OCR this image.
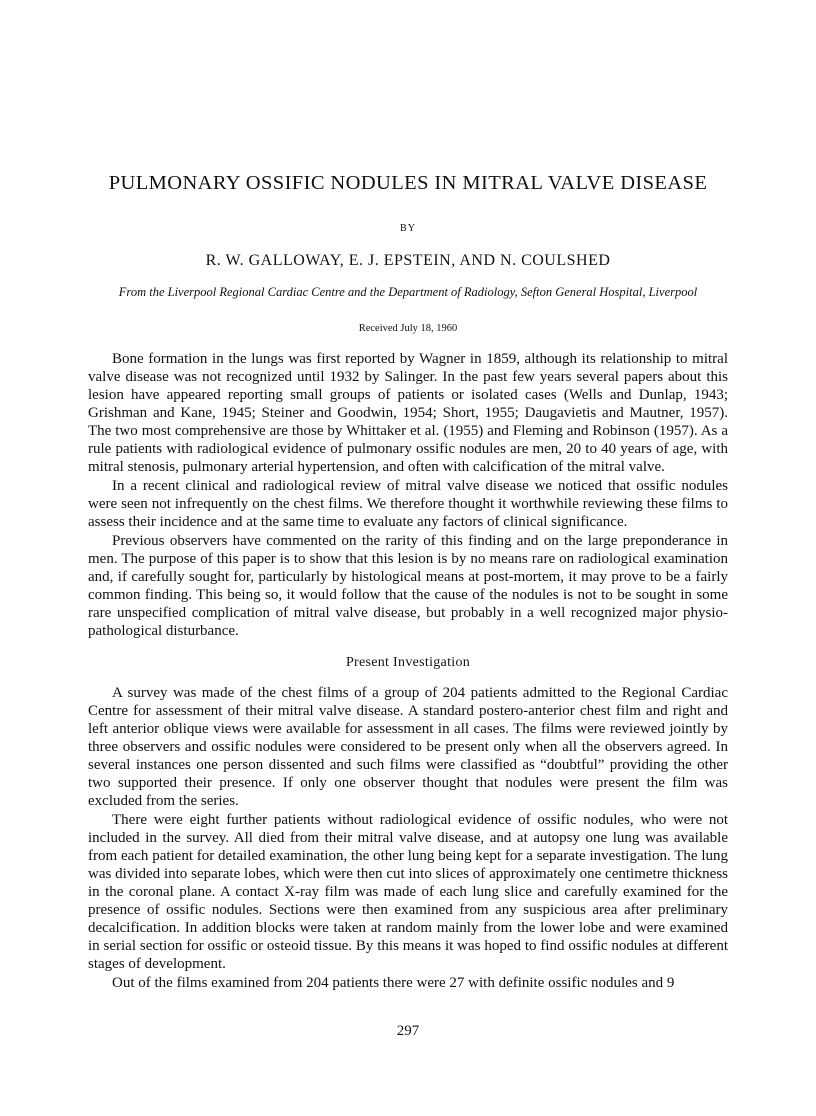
PULMONARY OSSIFIC NODULES IN MITRAL VALVE DISEASE
BY
R. W. GALLOWAY, E. J. EPSTEIN, AND N. COULSHED
From the Liverpool Regional Cardiac Centre and the Department of Radiology, Sefton General Hospital, Liverpool
Received July 18, 1960

Bone formation in the lungs was first reported by Wagner in 1859, although its relationship to mitral valve disease was not recognized until 1932 by Salinger. In the past few years several papers about this lesion have appeared reporting small groups of patients or isolated cases (Wells and Dunlap, 1943; Grishman and Kane, 1945; Steiner and Goodwin, 1954; Short, 1955; Daugavietis and Mautner, 1957). The two most comprehensive are those by Whittaker et al. (1955) and Fleming and Robinson (1957). As a rule patients with radiological evidence of pulmonary ossific nodules are men, 20 to 40 years of age, with mitral stenosis, pulmonary arterial hypertension, and often with calcification of the mitral valve.

In a recent clinical and radiological review of mitral valve disease we noticed that ossific nodules were seen not infrequently on the chest films. We therefore thought it worthwhile reviewing these films to assess their incidence and at the same time to evaluate any factors of clinical significance.

Previous observers have commented on the rarity of this finding and on the large preponderance in men. The purpose of this paper is to show that this lesion is by no means rare on radiological examination and, if carefully sought for, particularly by histological means at post-mortem, it may prove to be a fairly common finding. This being so, it would follow that the cause of the nodules is not to be sought in some rare unspecified complication of mitral valve disease, but probably in a well recognized major physio-pathological disturbance.

Present Investigation

A survey was made of the chest films of a group of 204 patients admitted to the Regional Cardiac Centre for assessment of their mitral valve disease. A standard postero-anterior chest film and right and left anterior oblique views were available for assessment in all cases. The films were reviewed jointly by three observers and ossific nodules were considered to be present only when all the observers agreed. In several instances one person dissented and such films were classified as “doubtful” providing the other two supported their presence. If only one observer thought that nodules were present the film was excluded from the series.

There were eight further patients without radiological evidence of ossific nodules, who were not included in the survey. All died from their mitral valve disease, and at autopsy one lung was available from each patient for detailed examination, the other lung being kept for a separate investigation. The lung was divided into separate lobes, which were then cut into slices of approximately one centimetre thickness in the coronal plane. A contact X-ray film was made of each lung slice and carefully examined for the presence of ossific nodules. Sections were then examined from any suspicious area after preliminary decalcification. In addition blocks were taken at random mainly from the lower lobe and were examined in serial section for ossific or osteoid tissue. By this means it was hoped to find ossific nodules at different stages of development.

Out of the films examined from 204 patients there were 27 with definite ossific nodules and 9

297
